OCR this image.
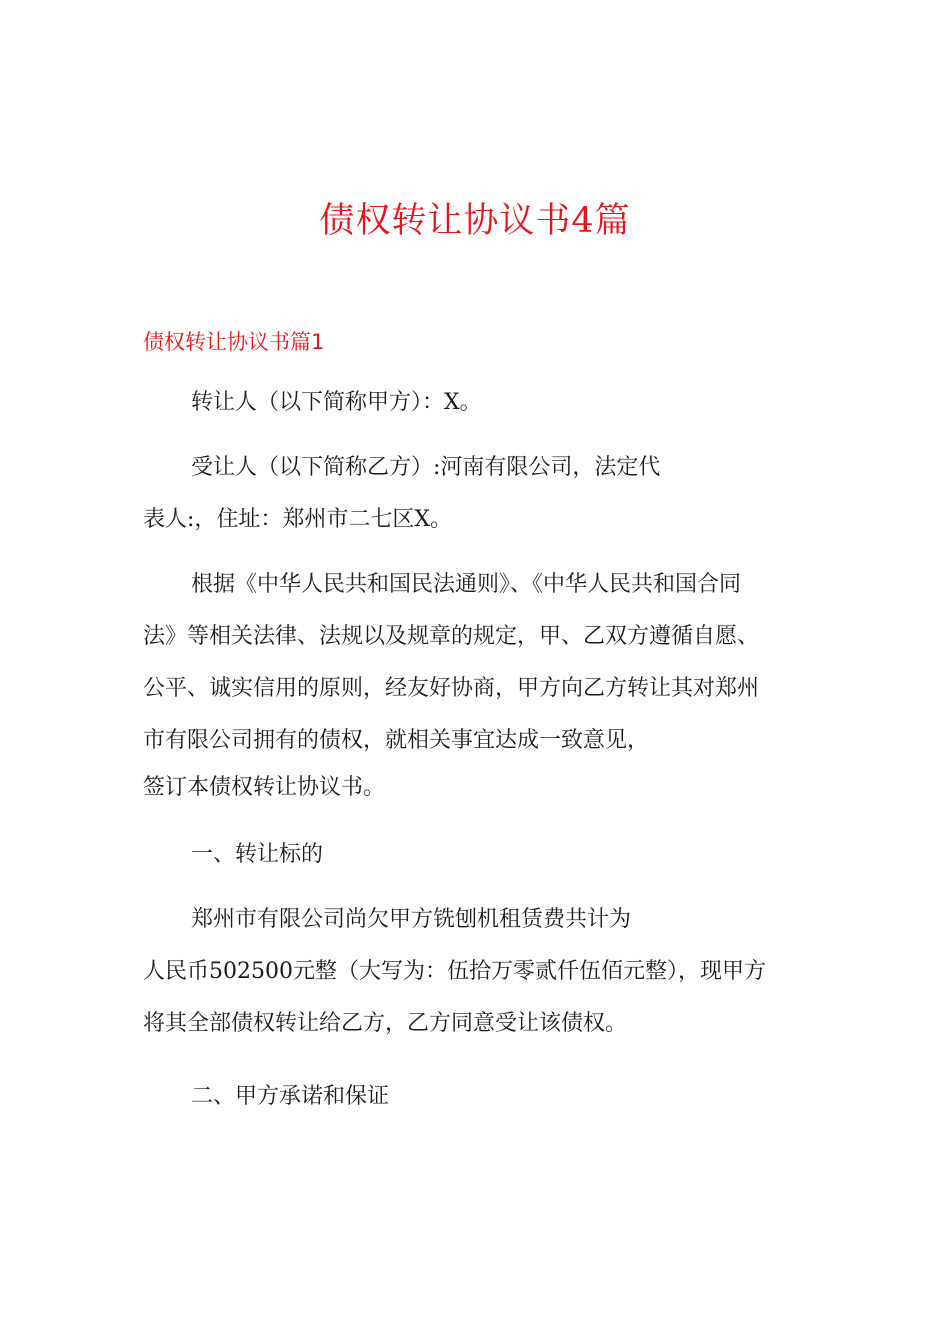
债权转让协议书4篇
债权转让协议书篇1
转让人（以下简称甲方）：X。
受让人（以下简称乙方）:河南有限公司，法定代
表人:，住址：郑州市二七区X。
根据《中华人民共和国民法通则》、《中华人民共和国合同
法》等相关法律、法规以及规章的规定，甲、乙双方遵循自愿、
公平、诚实信用的原则，经友好协商，甲方向乙方转让其对郑州
市有限公司拥有的债权，就相关事宜达成一致意见，
签订本债权转让协议书。
一、转让标的
郑州市有限公司尚欠甲方铣刨机租赁费共计为
人民币502500元整（大写为：伍拾万零贰仟伍佰元整），现甲方
将其全部债权转让给乙方，乙方同意受让该债权。
二、甲方承诺和保证
